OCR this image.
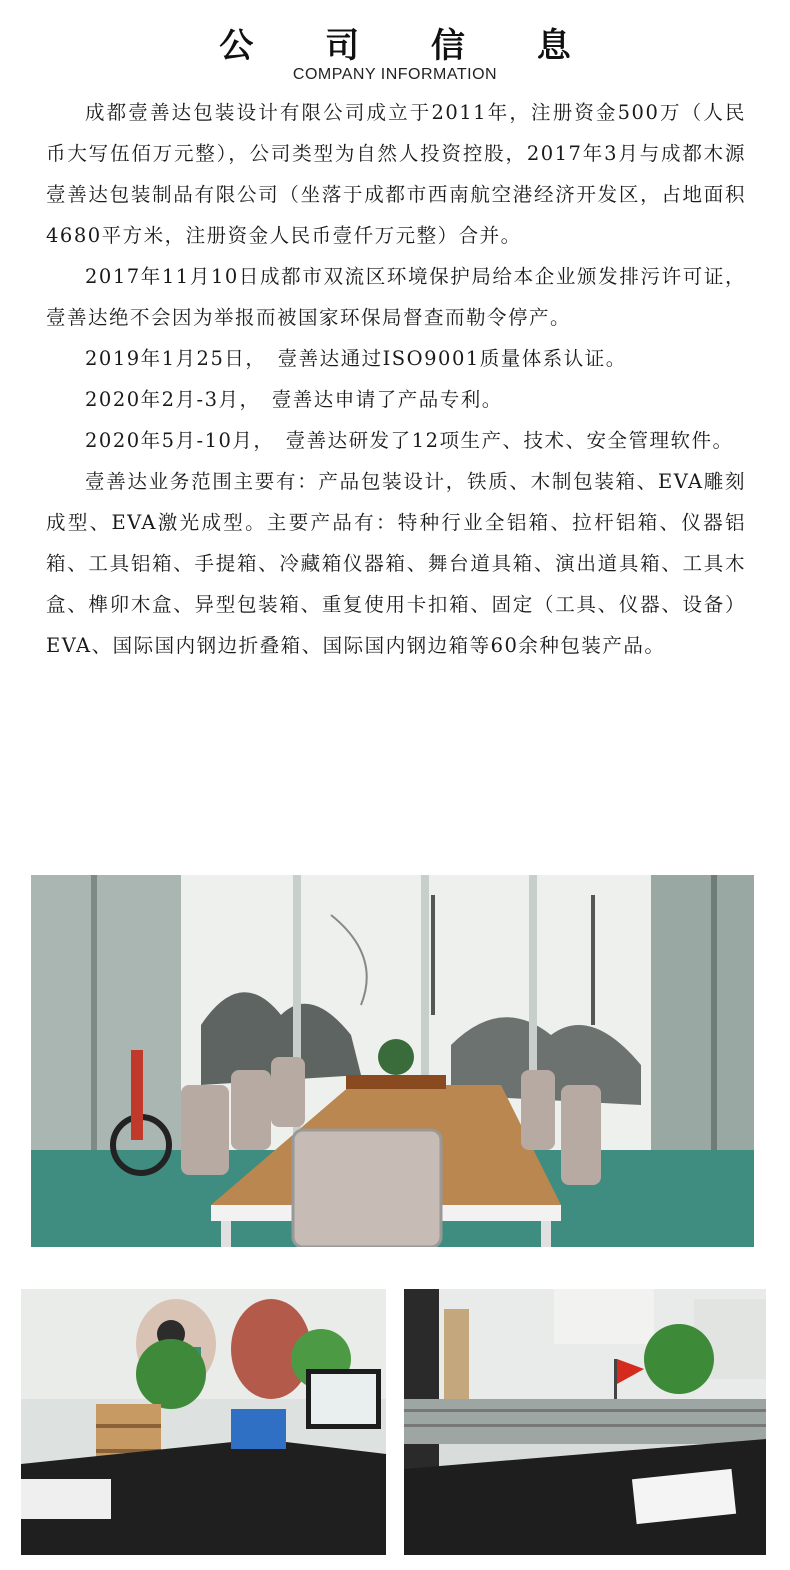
公 司 信 息
COMPANY INFORMATION

成都壹善达包装设计有限公司成立于2011年，注册资金500万（人民币大写伍佰万元整），公司类型为自然人投资控股，2017年3月与成都木源壹善达包装制品有限公司（坐落于成都市西南航空港经济开发区，占地面积4680平方米，注册资金人民币壹仟万元整）合并。

2017年11月10日成都市双流区环境保护局给本企业颁发排污许可证，壹善达绝不会因为举报而被国家环保局督查而勒令停产。

2019年1月25日，　壹善达通过ISO9001质量体系认证。

2020年2月-3月，　壹善达申请了产品专利。

2020年5月-10月，　壹善达研发了12项生产、技术、安全管理软件。

壹善达业务范围主要有：产品包装设计，铁质、木制包装箱、EVA雕刻成型、EVA激光成型。主要产品有：特种行业全铝箱、拉杆铝箱、仪器铝箱、工具铝箱、手提箱、冷藏箱仪器箱、舞台道具箱、演出道具箱、工具木盒、榫卯木盒、异型包装箱、重复使用卡扣箱、固定（工具、仪器、设备）EVA、国际国内钢边折叠箱、国际国内钢边箱等60余种包装产品。
